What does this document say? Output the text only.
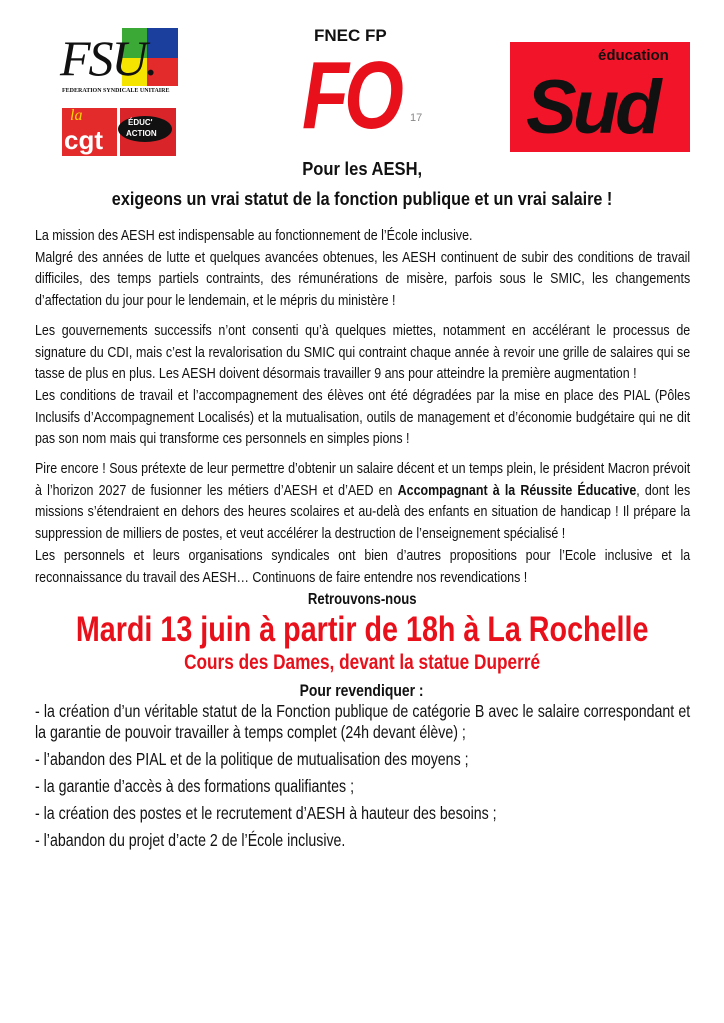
FSU.
FEDERATION SYNDICALE UNITAIRE
la
cgt
ÉDUC'
ACTION
FNEC FP
FO 17
éducation
Sud
Pour les AESH,
exigeons un vrai statut de la fonction publique et un vrai salaire !

La mission des AESH est indispensable au fonctionnement de l’École inclusive.

Malgré des années de lutte et quelques avancées obtenues, les AESH continuent de subir des conditions de travail difficiles, des temps partiels contraints, des rémunérations de misère, parfois sous le SMIC, les changements d’affectation du jour pour le lendemain, et le mépris du ministère !

Les gouvernements successifs n’ont consenti qu’à quelques miettes, notamment en accélérant le processus de signature du CDI, mais c’est la revalorisation du SMIC qui contraint chaque année à revoir une grille de salaires qui se tasse de plus en plus. Les AESH doivent désormais travailler 9 ans pour atteindre la première augmentation !

Les conditions de travail et l’accompagnement des élèves ont été dégradées par la mise en place des PIAL (Pôles Inclusifs d’Accompagnement Localisés) et la mutualisation, outils de management et d’économie budgétaire qui ne dit pas son nom mais qui transforme ces personnels en simples pions !

Pire encore ! Sous prétexte de leur permettre d’obtenir un salaire décent et un temps plein, le président Macron prévoit à l’horizon 2027 de fusionner les métiers d’AESH et d’AED en Accompagnant à la Réussite Éducative, dont les missions s’étendraient en dehors des heures scolaires et au-delà des enfants en situation de handicap ! Il prépare la suppression de milliers de postes, et veut accélérer la destruction de l’enseignement spécialisé !

Les personnels et leurs organisations syndicales ont bien d’autres propositions pour l’Ecole inclusive et la reconnaissance du travail des AESH… Continuons de faire entendre nos revendications !

Retrouvons-nous
Mardi 13 juin à partir de 18h à La Rochelle
Cours des Dames, devant la statue Duperré
Pour revendiquer :

- la création d’un véritable statut de la Fonction publique de catégorie B avec le salaire correspondant et la garantie de pouvoir travailler à temps complet (24h devant élève) ;

- l’abandon des PIAL et de la politique de mutualisation des moyens ;

- la garantie d’accès à des formations qualifiantes ;

- la création des postes et le recrutement d’AESH à hauteur des besoins ;

- l’abandon du projet d’acte 2 de l’École inclusive.
